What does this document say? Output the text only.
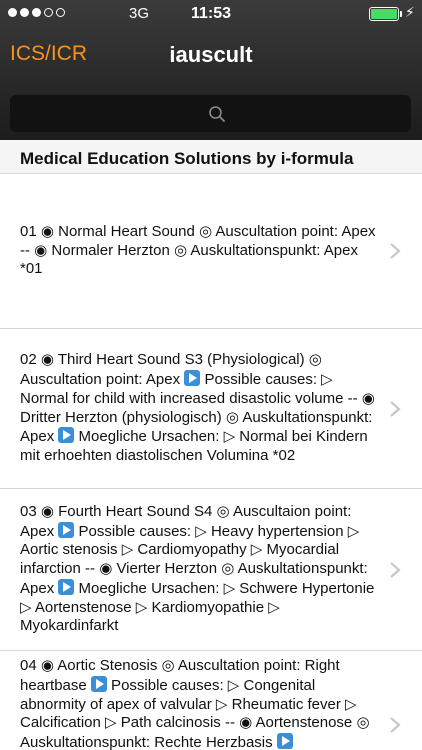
3G	11:53	⚡
ICS/ICR	iauscult
Medical Education Solutions by i-formula
01 ◉ Normal Heart Sound ◎ Auscultation point: Apex -- ◉ Normaler Herzton ◎ Auskultationspunkt: Apex *01
02 ◉ Third Heart Sound S3 (Physiological) ◎ Auscultation point: Apex  Possible causes: ▷ Normal for child with increased disastolic volume -- ◉ Dritter Herzton (physiologisch) ◎ Auskultationspunkt: Apex  Moegliche Ursachen: ▷ Normal bei Kindern mit erhoehten diastolischen Volumina *02
03 ◉ Fourth Heart Sound S4 ◎ Auscultaion point: Apex  Possible causes: ▷ Heavy hypertension ▷ Aortic stenosis ▷ Cardiomyopathy ▷ Myocardial infarction -- ◉ Vierter Herzton ◎ Auskultationspunkt: Apex  Moegliche Ursachen: ▷ Schwere Hypertonie ▷ Aortenstenose ▷ Kardiomyopathie ▷ Myokardinfarkt
04 ◉ Aortic Stenosis ◎ Auscultation point: Right heartbase  Possible causes: ▷ Congenital abnormity of apex of valvular ▷ Rheumatic fever ▷ Calcification ▷ Path calcinosis -- ◉ Aortenstenose ◎ Auskultationspunkt: Rechte Herzbasis
